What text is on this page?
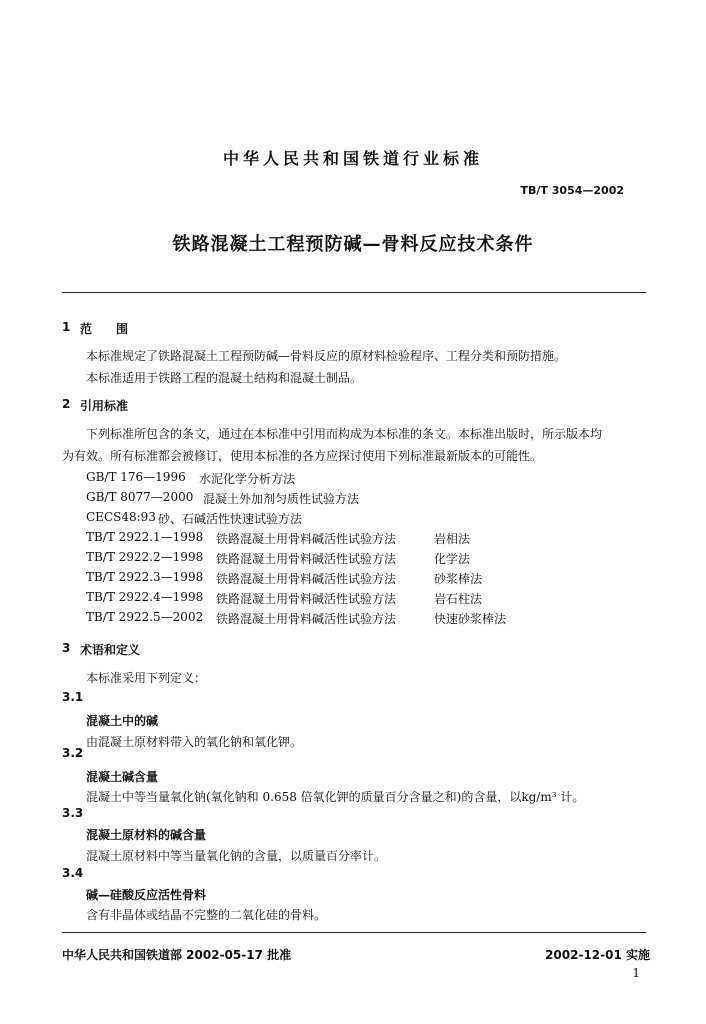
中华人民共和国铁道行业标准
TB/T 3054—2002
铁路混凝土工程预防碱—骨料反应技术条件
1 范　围
本标准规定了铁路混凝土工程预防碱—骨料反应的原材料检验程序、工程分类和预防措施。
本标准适用于铁路工程的混凝土结构和混凝土制品。
2 引用标准
下列标准所包含的条文，通过在本标准中引用而构成为本标准的条文。本标准出版时，所示版本均
为有效。所有标准都会被修订，使用本标准的各方应探讨使用下列标准最新版本的可能性。
GB/T 176—1996 水泥化学分析方法
GB/T 8077—2000 混凝土外加剂匀质性试验方法
CECS48:93 砂、石碱活性快速试验方法
TB/T 2922.1—1998 铁路混凝土用骨料碱活性试验方法	岩相法
TB/T 2922.2—1998 铁路混凝土用骨料碱活性试验方法	化学法
TB/T 2922.3—1998 铁路混凝土用骨料碱活性试验方法	砂浆棒法
TB/T 2922.4—1998 铁路混凝土用骨料碱活性试验方法	岩石柱法
TB/T 2922.5—2002 铁路混凝土用骨料碱活性试验方法	快速砂浆棒法
3 术语和定义
本标准采用下列定义：
3.1
混凝土中的碱
由混凝土原材料带入的氧化钠和氧化钾。
3.2
混凝土碱含量
混凝土中等当量氧化钠(氧化钠和 0.658 倍氧化钾的质量百分含量之和)的含量，以kg/m³ 计。
3.3
混凝土原材料的碱含量
混凝土原材料中等当量氧化钠的含量，以质量百分率计。
3.4
碱—硅酸反应活性骨料
含有非晶体或结晶不完整的二氧化硅的骨料。
中华人民共和国铁道部 2002-05-17 批准	2002-12-01 实施
1
